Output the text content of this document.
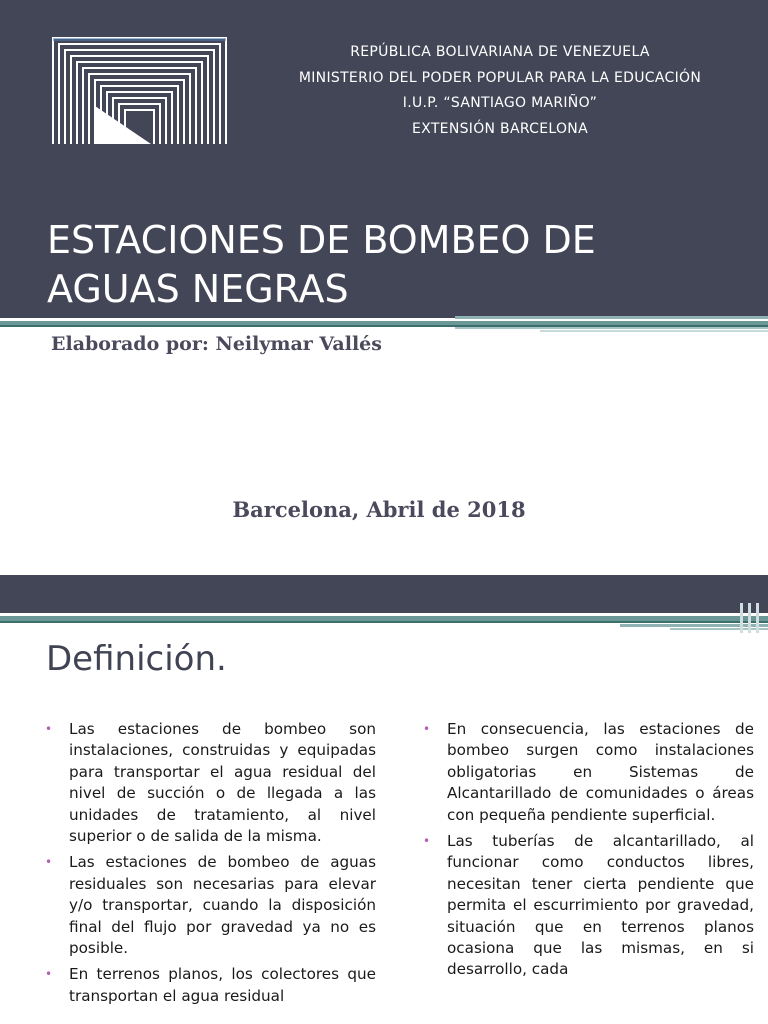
REPÚBLICA BOLIVARIANA DE VENEZUELA
MINISTERIO DEL PODER POPULAR PARA LA EDUCACIÓN
I.U.P. “SANTIAGO MARIÑO”
EXTENSIÓN BARCELONA
ESTACIONES DE BOMBEO DE
AGUAS NEGRAS
Elaborado por: Neilymar Vallés
Barcelona, Abril de 2018
Definición.
• Las estaciones de bombeo son instalaciones, construidas y equipadas para transportar el agua residual del nivel de succión o de llegada a las unidades de tratamiento, al nivel superior o de salida de la misma.
• Las estaciones de bombeo de aguas residuales son necesarias para elevar y/o transportar, cuando la disposición final del flujo por gravedad ya no es posible.
• En terrenos planos, los colectores que transportan el agua residual
• En consecuencia, las estaciones de bombeo surgen como instalaciones obligatorias en Sistemas de Alcantarillado de comunidades o áreas con pequeña pendiente superficial.
• Las tuberías de alcantarillado, al funcionar como conductos libres, necesitan tener cierta pendiente que permita el escurrimiento por gravedad, situación que en terrenos planos ocasiona que las mismas, en si desarrollo, cada
